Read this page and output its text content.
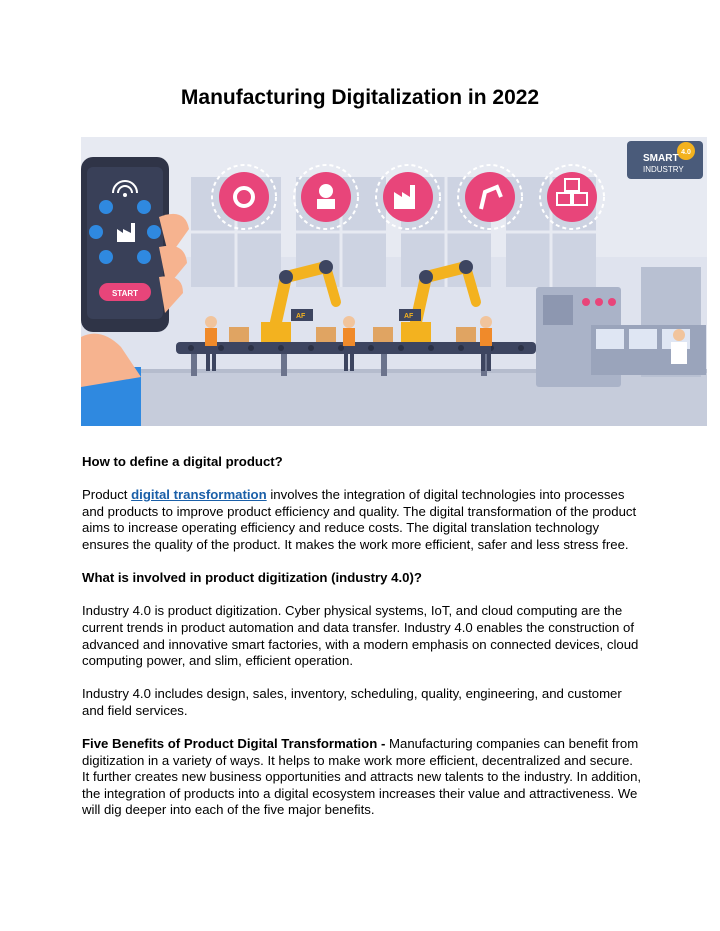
Manufacturing Digitalization in 2022
AF	AF
4.0
SMART
INDUSTRY
START
How to define a digital product?

Product digital transformation involves the integration of digital technologies into processes and products to improve product efficiency and quality. The digital transformation of the product aims to increase operating efficiency and reduce costs. The digital translation technology ensures the quality of the product. It makes the work more efficient, safer and less stress free.

What is involved in product digitization (industry 4.0)?

Industry 4.0 is product digitization. Cyber physical systems, IoT, and cloud computing are the current trends in product automation and data transfer. Industry 4.0 enables the construction of advanced and innovative smart factories, with a modern emphasis on connected devices, cloud computing power, and slim, efficient operation.

Industry 4.0 includes design, sales, inventory, scheduling, quality, engineering, and customer and field services.

Five Benefits of Product Digital Transformation - Manufacturing companies can benefit from digitization in a variety of ways. It helps to make work more efficient, decentralized and secure. It further creates new business opportunities and attracts new talents to the industry. In addition, the integration of products into a digital ecosystem increases their value and attractiveness. We will dig deeper into each of the five major benefits.
